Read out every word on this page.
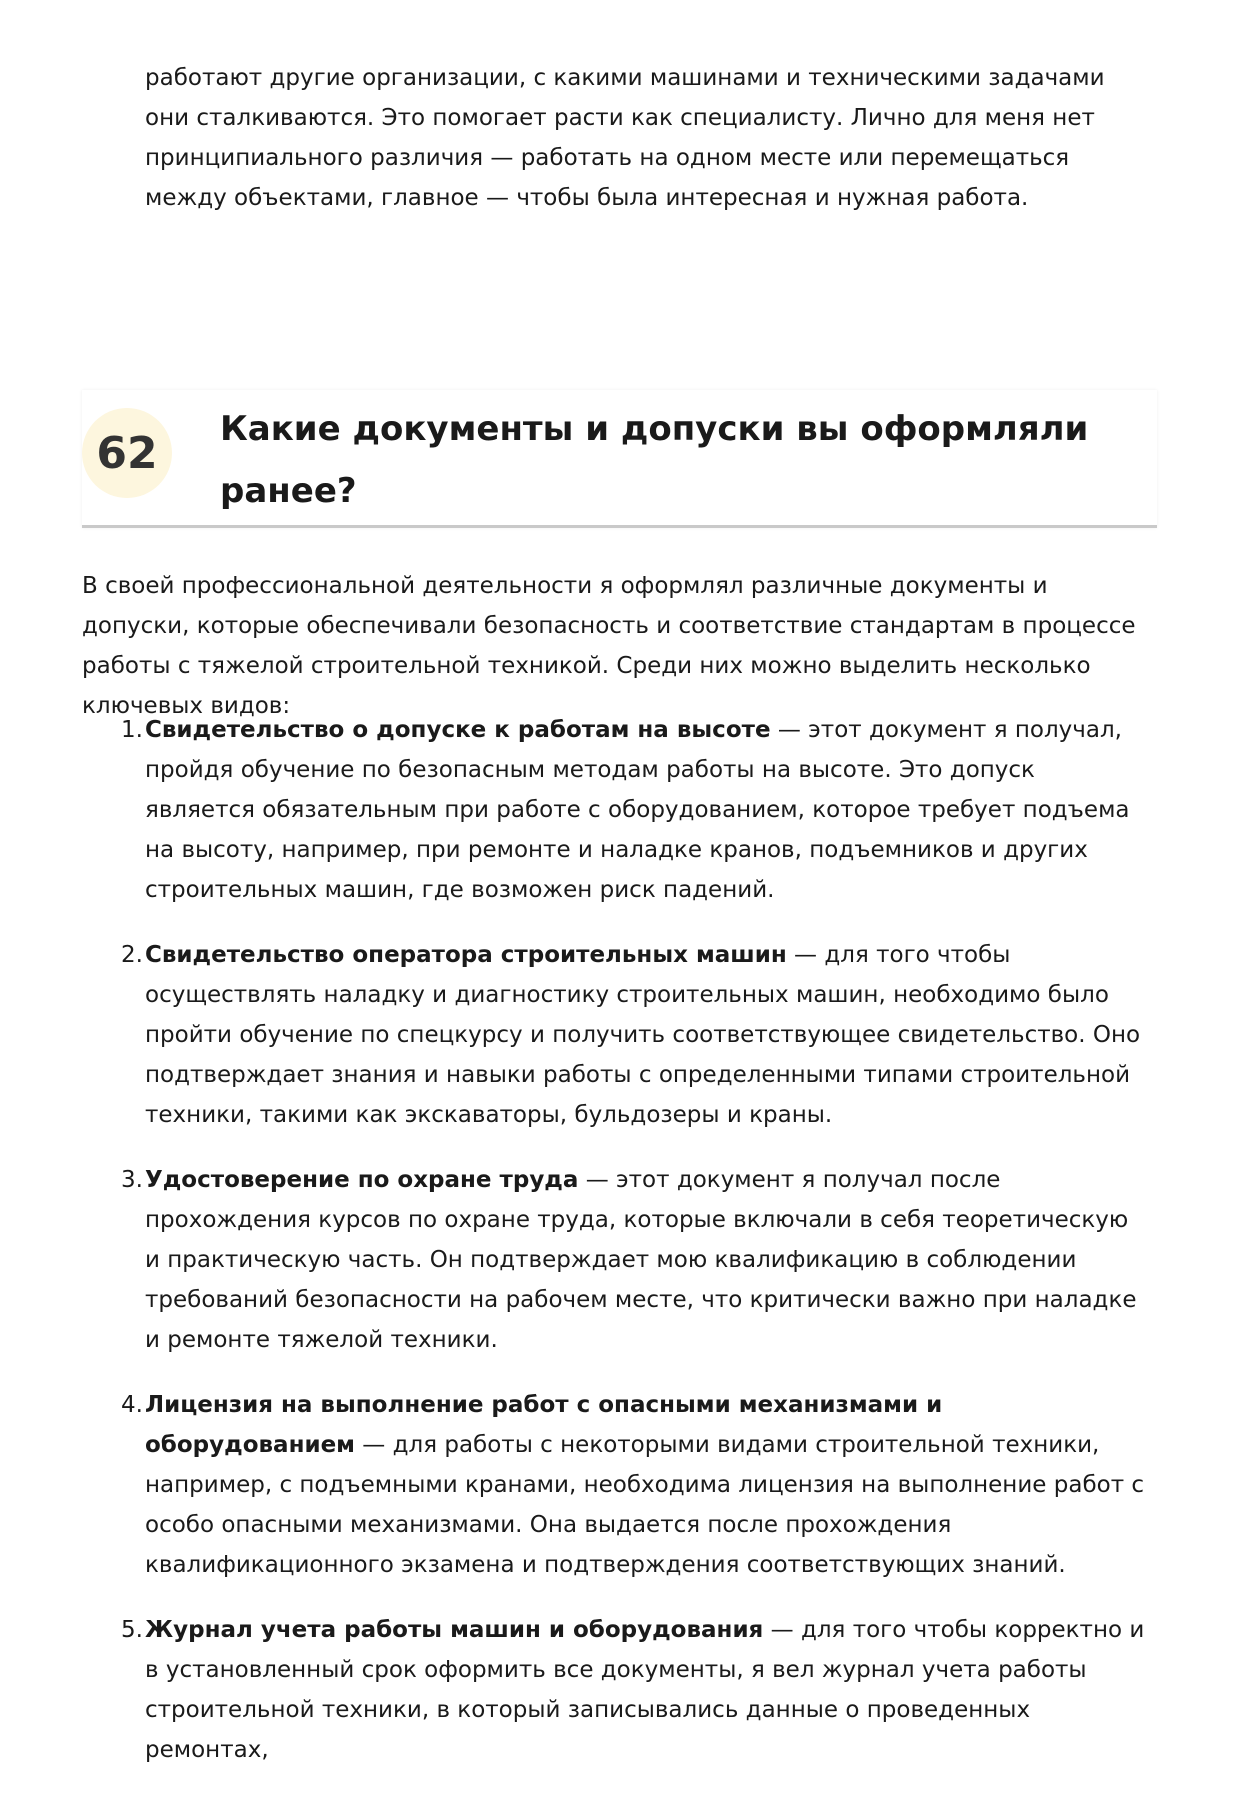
работают другие организации, с какими машинами и техническими задачами они сталкиваются. Это помогает расти как специалисту. Лично для меня нет принципиального различия — работать на одном месте или перемещаться между объектами, главное — чтобы была интересная и нужная работа.

62	Какие документы и допуски вы оформляли ранее?

В своей профессиональной деятельности я оформлял различные документы и допуски, которые обеспечивали безопасность и соответствие стандартам в процессе работы с тяжелой строительной техникой. Среди них можно выделить несколько ключевых видов:

1. Свидетельство о допуске к работам на высоте — этот документ я получал, пройдя обучение по безопасным методам работы на высоте. Это допуск является обязательным при работе с оборудованием, которое требует подъема на высоту, например, при ремонте и наладке кранов, подъемников и других строительных машин, где возможен риск падений.
2. Свидетельство оператора строительных машин — для того чтобы осуществлять наладку и диагностику строительных машин, необходимо было пройти обучение по спецкурсу и получить соответствующее свидетельство. Оно подтверждает знания и навыки работы с определенными типами строительной техники, такими как экскаваторы, бульдозеры и краны.
3. Удостоверение по охране труда — этот документ я получал после прохождения курсов по охране труда, которые включали в себя теоретическую и практическую часть. Он подтверждает мою квалификацию в соблюдении требований безопасности на рабочем месте, что критически важно при наладке и ремонте тяжелой техники.
4. Лицензия на выполнение работ с опасными механизмами и оборудованием — для работы с некоторыми видами строительной техники, например, с подъемными кранами, необходима лицензия на выполнение работ с особо опасными механизмами. Она выдается после прохождения квалификационного экзамена и подтверждения соответствующих знаний.
5. Журнал учета работы машин и оборудования — для того чтобы корректно и в установленный срок оформить все документы, я вел журнал учета работы строительной техники, в который записывались данные о проведенных ремонтах,
